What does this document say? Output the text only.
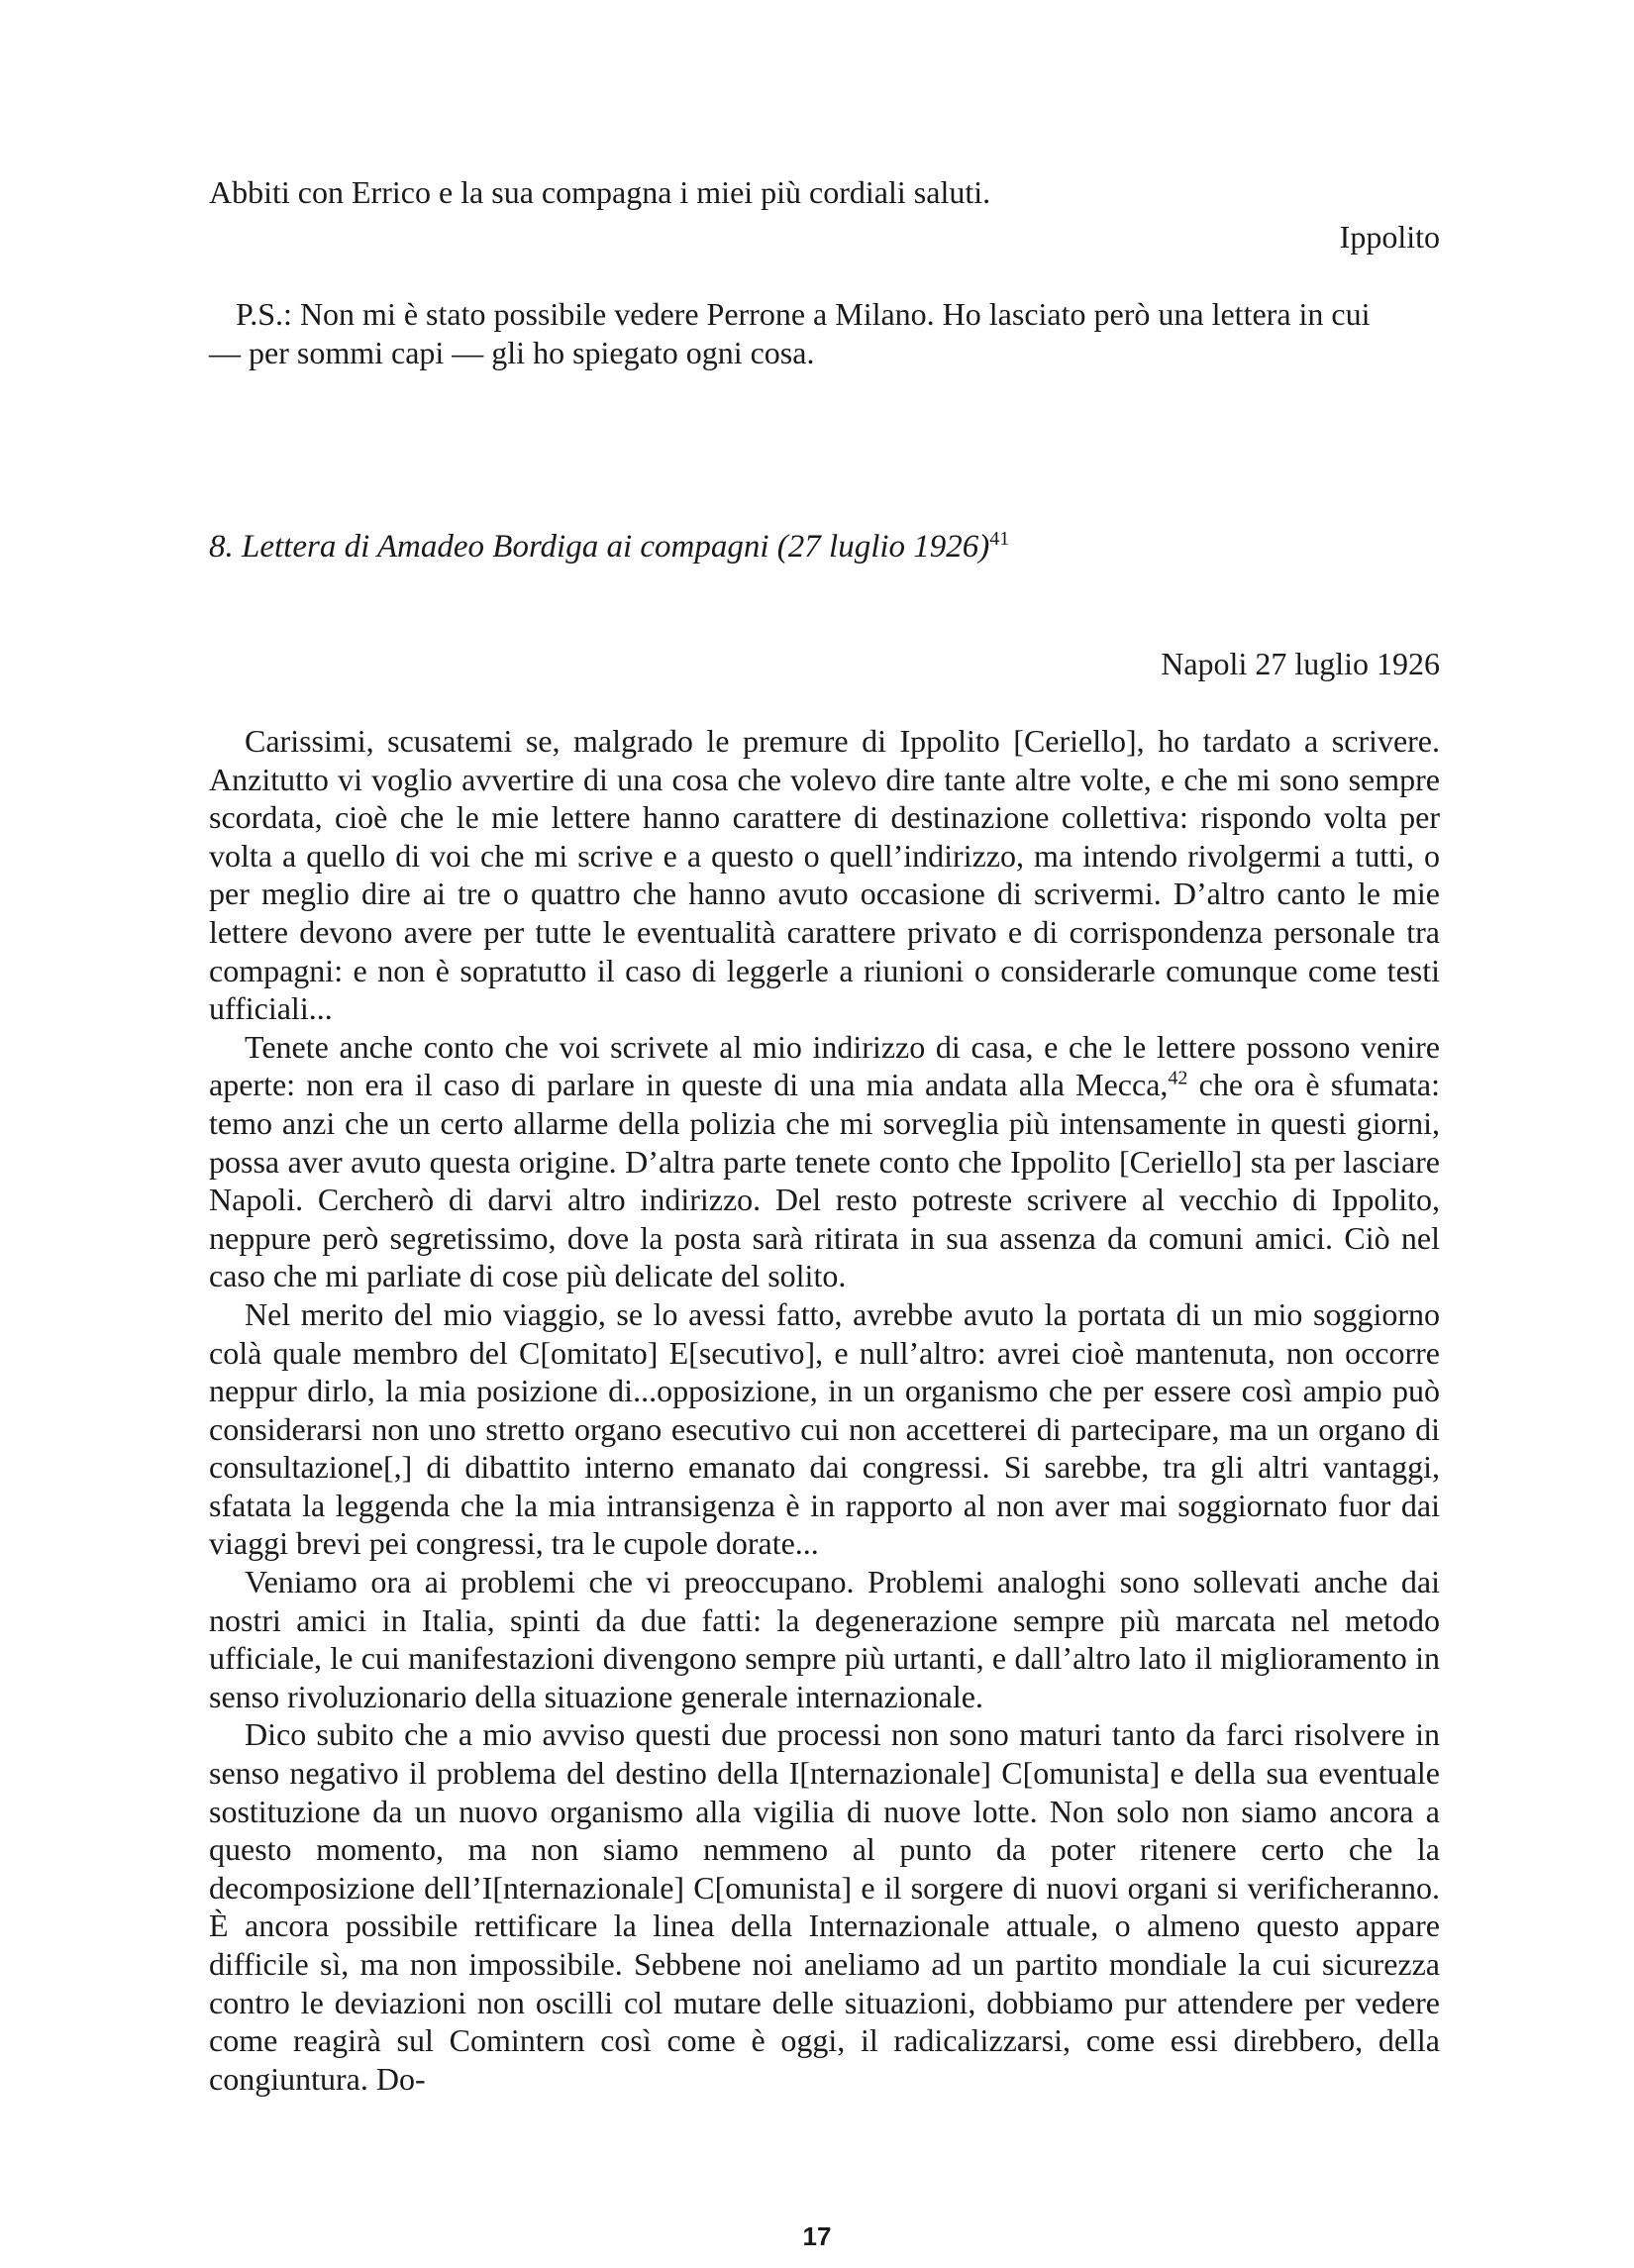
Abbiti con Errico e la sua compagna i miei più cordiali saluti.
Ippolito
P.S.: Non mi è stato possibile vedere Perrone a Milano. Ho lasciato però una lettera in cui
— per sommi capi — gli ho spiegato ogni cosa.
8. Lettera di Amadeo Bordiga ai compagni (27 luglio 1926)$^{41}$
Napoli 27 luglio 1926

Carissimi, scusatemi se, malgrado le premure di Ippolito [Ceriello], ho tardato a scrivere. Anzitutto vi voglio avvertire di una cosa che volevo dire tante altre volte, e che mi sono sempre scordata, cioè che le mie lettere hanno carattere di destinazione collettiva: rispondo volta per volta a quello di voi che mi scrive e a questo o quell’indirizzo, ma intendo rivolgermi a tutti, o per meglio dire ai tre o quattro che hanno avuto occasione di scrivermi. D’altro canto le mie lettere devono avere per tutte le eventualità carattere privato e di corrispondenza personale tra compagni: e non è sopratutto il caso di leggerle a riunioni o considerarle comunque come testi ufficiali...

Tenete anche conto che voi scrivete al mio indirizzo di casa, e che le lettere possono venire aperte: non era il caso di parlare in queste di una mia andata alla Mecca,$^{42}$ che ora è sfumata: temo anzi che un certo allarme della polizia che mi sorveglia più intensamente in questi giorni, possa aver avuto questa origine. D’altra parte tenete conto che Ippolito [Ceriello] sta per lasciare Napoli. Cercherò di darvi altro indirizzo. Del resto potreste scrivere al vecchio di Ippolito, neppure però segretissimo, dove la posta sarà ritirata in sua assenza da comuni amici. Ciò nel caso che mi parliate di cose più delicate del solito.

Nel merito del mio viaggio, se lo avessi fatto, avrebbe avuto la portata di un mio soggiorno colà quale membro del C[omitato] E[secutivo], e null’altro: avrei cioè mantenuta, non occorre neppur dirlo, la mia posizione di...opposizione, in un organismo che per essere così ampio può considerarsi non uno stretto organo esecutivo cui non accetterei di partecipare, ma un organo di consultazione[,] di dibattito interno emanato dai congressi. Si sarebbe, tra gli altri vantaggi, sfatata la leggenda che la mia intransigenza è in rapporto al non aver mai soggiornato fuor dai viaggi brevi pei congressi, tra le cupole dorate...

Veniamo ora ai problemi che vi preoccupano. Problemi analoghi sono sollevati anche dai nostri amici in Italia, spinti da due fatti: la degenerazione sempre più marcata nel metodo ufficiale, le cui manifestazioni divengono sempre più urtanti, e dall’altro lato il miglioramento in senso rivoluzionario della situazione generale internazionale.

Dico subito che a mio avviso questi due processi non sono maturi tanto da farci risolvere in senso negativo il problema del destino della I[nternazionale] C[omunista] e della sua eventuale sostituzione da un nuovo organismo alla vigilia di nuove lotte. Non solo non siamo ancora a questo momento, ma non siamo nemmeno al punto da poter ritenere certo che la decomposizione dell’I[nternazionale] C[omunista] e il sorgere di nuovi organi si verificheranno. È ancora possibile rettificare la linea della Internazionale attuale, o almeno questo appare difficile sì, ma non impossibile. Sebbene noi aneliamo ad un partito mondiale la cui sicurezza contro le deviazioni non oscilli col mutare delle situazioni, dobbiamo pur attendere per vedere come reagirà sul Comintern così come è oggi, il radicalizzarsi, come essi direbbero, della congiuntura. Do-

17
